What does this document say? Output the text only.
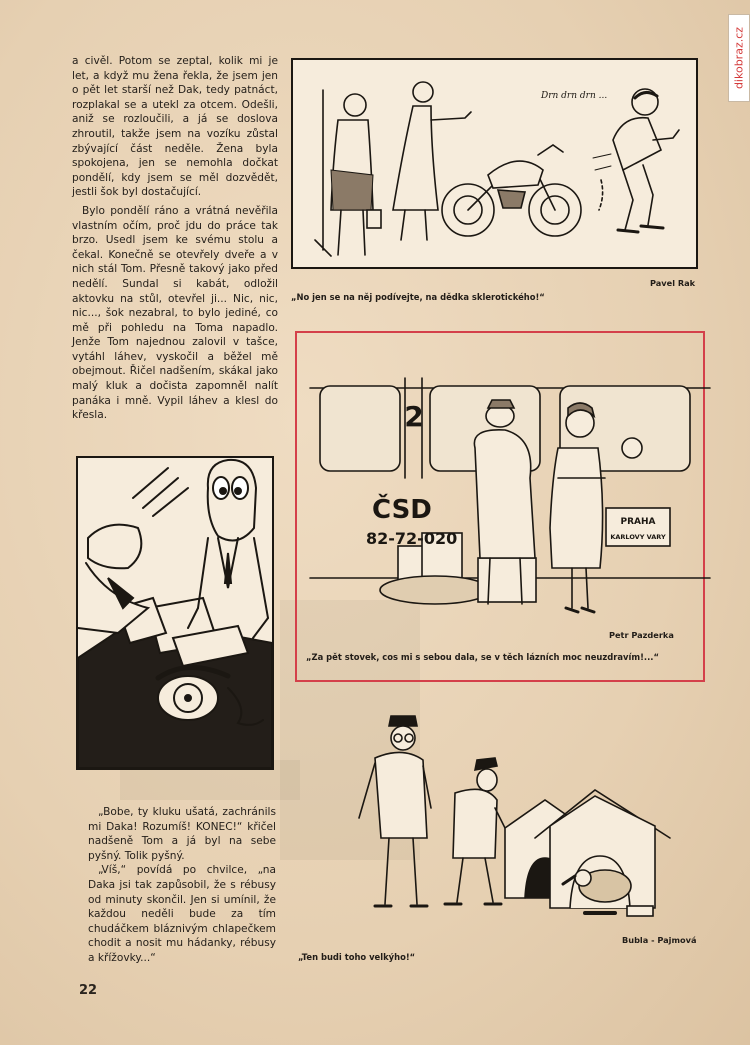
dikobraz.cz

a civěl. Potom se zeptal, kolik mi je let, a když mu žena řekla, že jsem jen o pět let starší než Dak, tedy patnáct, rozplakal se a utekl za otcem. Odešli, aniž se rozloučili, a já se doslova zhroutil, takže jsem na vozíku zůstal zbývající část neděle. Žena byla spokojena, jen se nemohla dočkat pondělí, kdy jsem se měl dozvědět, jestli šok byl dostačující.

Bylo pondělí ráno a vrátná nevěřila vlastním očím, proč jdu do práce tak brzo. Usedl jsem ke svému stolu a čekal. Konečně se otevřely dveře a v nich stál Tom. Přesně takový jako před nedělí. Sundal si kabát, odložil aktovku na stůl, otevřel ji... Nic, nic, nic..., šok nezabral, to bylo jediné, co mě při pohledu na Toma napadlo. Jenže Tom najednou zalovil v tašce, vytáhl láhev, vyskočil a běžel mě obejmout. Řičel nadšením, skákal jako malý kluk a dočista zapomněl nalít panáka i mně. Vypil láhev a klesl do křesla.

„Bobe, ty kluku ušatá, zachránils mi Daka! Rozumíš! KONEC!“ křičel nadšeně Tom a já byl na sebe pyšný. Tolik pyšný.

„Víš,“ povídá po chvilce, „na Daka jsi tak zapůsobil, že s rébusy od minuty skončil. Jen si umínil, že každou neděli bude za tím chudáčkem bláznivým chlapečkem chodit a nosit mu hádanky, rébusy a křížovky...“

Drn drn drn ...
Pavel Rak
„No jen se na něj podívejte, na dědka sklerotického!“
2
ČSD
82-72-020
PRAHA
KARLOVY VARY
Petr Pazderka
„Za pět stovek, cos mi s sebou dala, se v těch lázních moc neuzdravím!...“
Bubla - Pajmová
„Ten budi toho velkýho!“
22
